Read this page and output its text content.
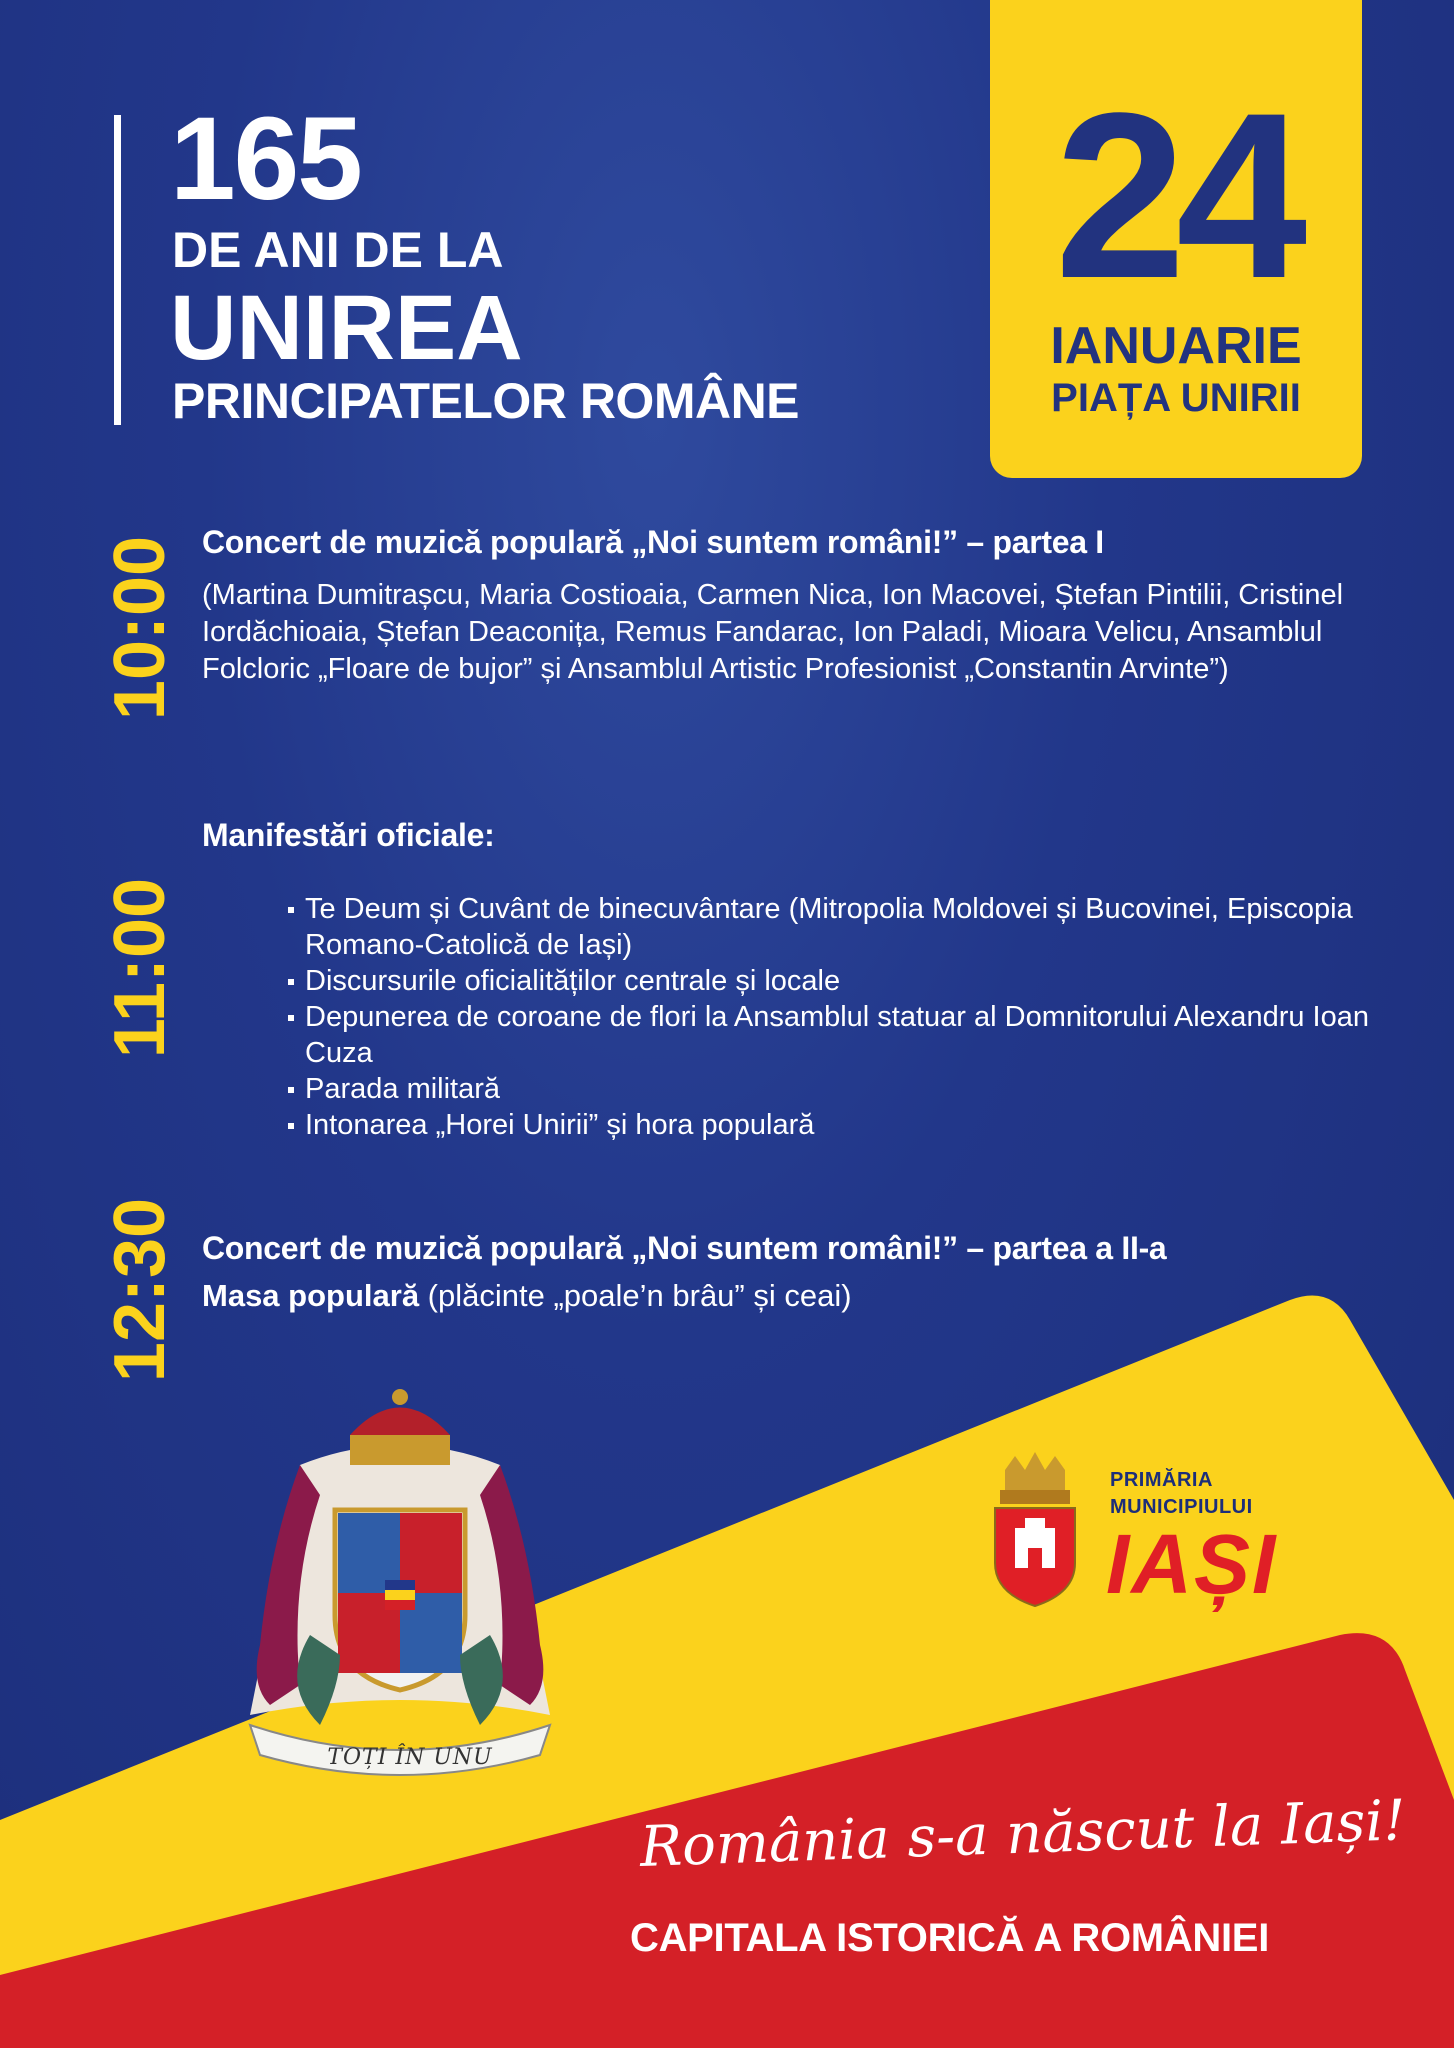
165
DE ANI DE LA
UNIREA
PRINCIPATELOR ROMÂNE
24
IANUARIE
PIAȚA UNIRII
10:00
11:00
12:30
Concert de muzică populară „Noi suntem români!” – partea I
(Martina Dumitrașcu, Maria Costioaia, Carmen Nica, Ion Macovei, Ștefan Pintilii, Cristinel Iordăchioaia, Ștefan Deaconița, Remus Fandarac, Ion Paladi, Mioara Velicu, Ansamblul Folcloric „Floare de bujor” și Ansamblul Artistic Profesionist „Constantin Arvinte”)
Manifestări oficiale:
Te Deum și Cuvânt de binecuvântare (Mitropolia Moldovei și Bucovinei, Episcopia Romano-Catolică de Iași)
Discursurile oficialităților centrale și locale
Depunerea de coroane de flori la Ansamblul statuar al Domnitorului Alexandru Ioan Cuza
Parada militară
Intonarea „Horei Unirii” și hora populară
Concert de muzică populară „Noi suntem români!” – partea a II-a
Masa populară (plăcinte „poale’n brâu” și ceai)
TOȚI ÎN UNU
PRIMĂRIA
MUNICIPIULUI
IAȘI
România s-a născut la Iași!
CAPITALA ISTORICĂ A ROMÂNIEI
